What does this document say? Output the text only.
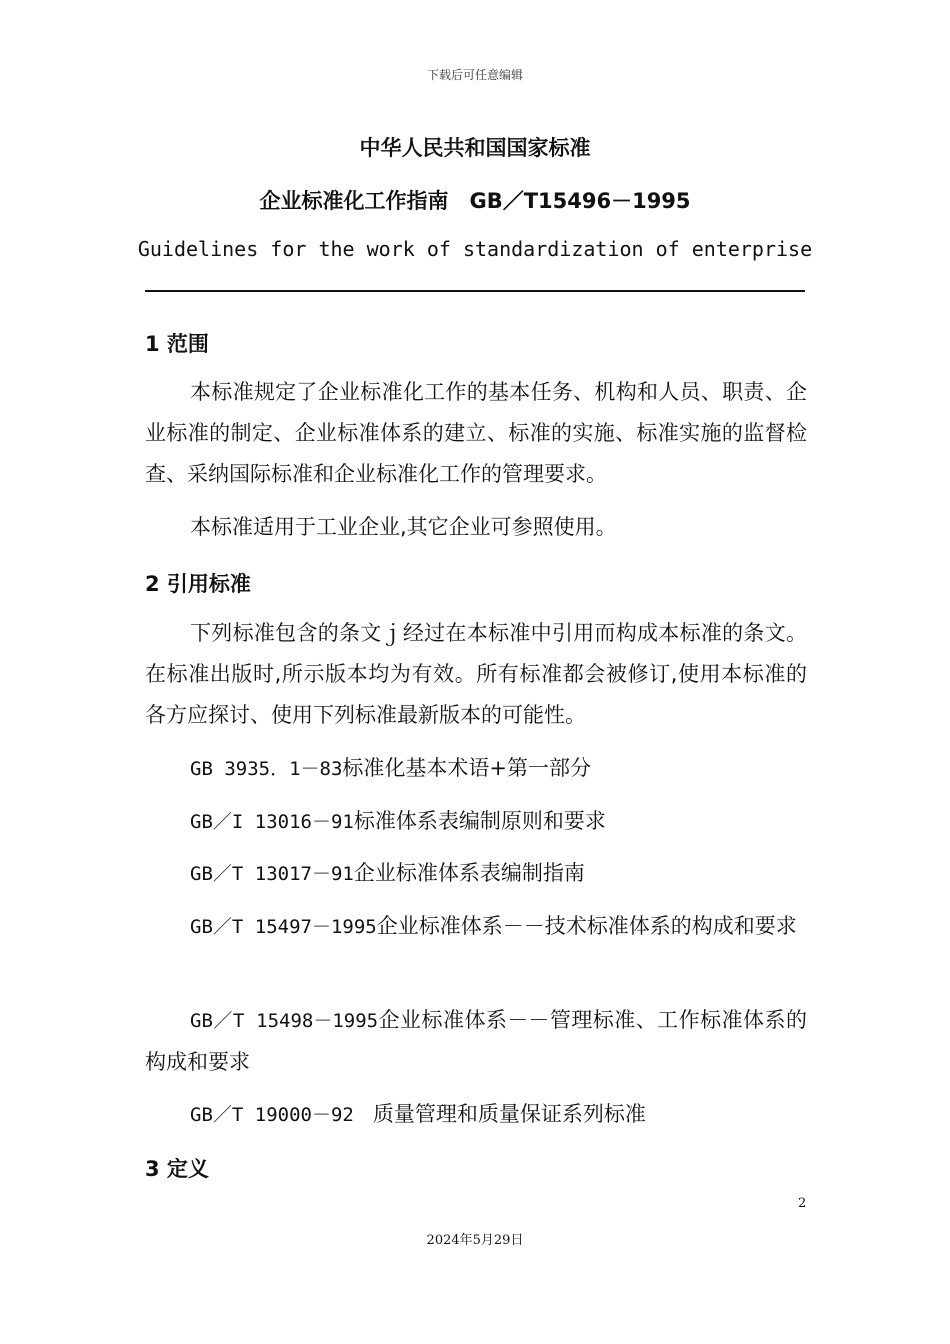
下载后可任意编辑
中华人民共和国国家标准
企业标准化工作指南　GB／T15496－1995
Guidelines for the work of standardization of enterprise
1 范围
本标准规定了企业标准化工作的基本任务、机构和人员、职责、企业标准的制定、企业标准体系的建立、标准的实施、标准实施的监督检查、采纳国际标准和企业标准化工作的管理要求。
本标准适用于工业企业,其它企业可参照使用。
2 引用标准
下列标准包含的条文ｊ经过在本标准中引用而构成本标准的条文。在标准出版时,所示版本均为有效。所有标准都会被修订,使用本标准的各方应探讨、使用下列标准最新版本的可能性。
GB 3935．1－83标准化基本术语+第一部分
GB／I 13016－91标准体系表编制原则和要求
GB／T 13017－91企业标准体系表编制指南
GB／T 15497－1995企业标准体系－－技术标准体系的构成和要求
GB／T 15498－1995企业标准体系－－管理标准、工作标准体系的构成和要求
GB／T 19000－92　质量管理和质量保证系列标准
3 定义
2
2024年5月29日
